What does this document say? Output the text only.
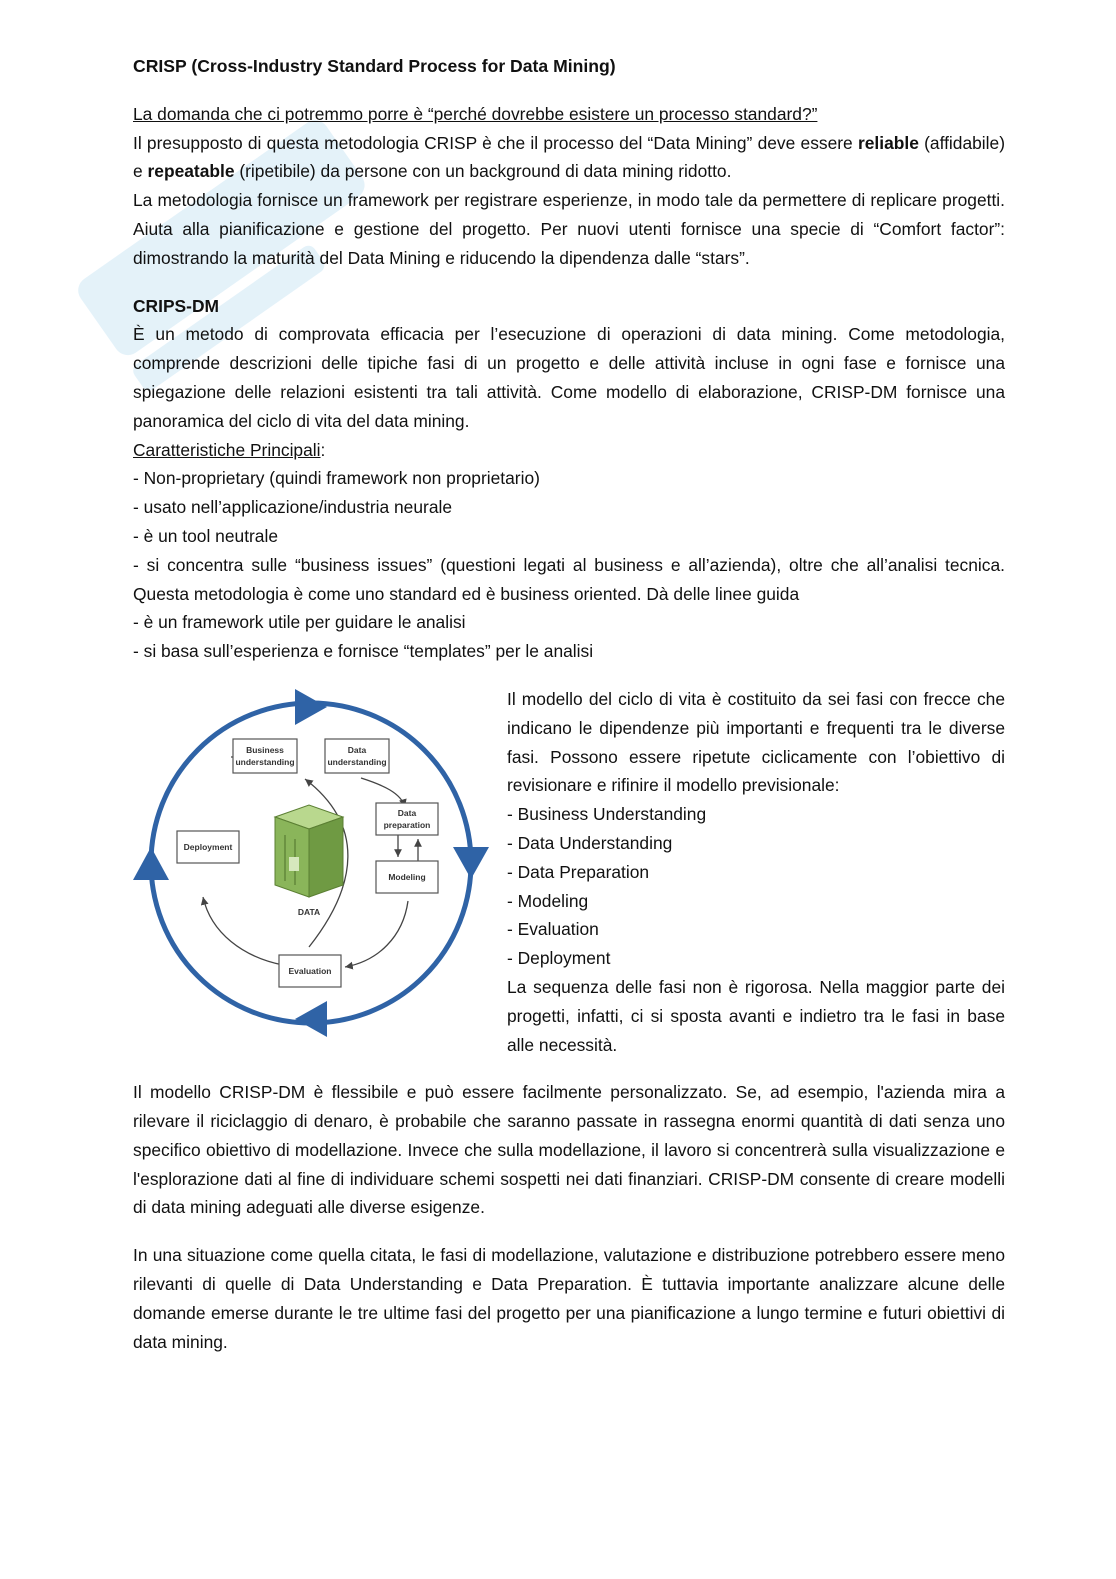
CRISP (Cross-Industry Standard Process for Data Mining)

La domanda che ci potremmo porre è “perché dovrebbe esistere un processo standard?”

Il presupposto di questa metodologia CRISP è che il processo del “Data Mining” deve essere reliable (affidabile) e repeatable (ripetibile) da persone con un background di data mining ridotto.

La metodologia fornisce un framework per registrare esperienze, in modo tale da permettere di replicare progetti. Aiuta alla pianificazione e gestione del progetto. Per nuovi utenti fornisce una specie di “Comfort factor”: dimostrando la maturità del Data Mining e riducendo la dipendenza dalle “stars”.

CRIPS-DM

È un metodo di comprovata efficacia per l’esecuzione di operazioni di data mining. Come metodologia, comprende descrizioni delle tipiche fasi di un progetto e delle attività incluse in ogni fase e fornisce una spiegazione delle relazioni esistenti tra tali attività. Come modello di elaborazione, CRISP-DM fornisce una panoramica del ciclo di vita del data mining.

Caratteristiche Principali:

- Non-proprietary (quindi framework non proprietario)

- usato nell’applicazione/industria neurale

- è un tool neutrale

- si concentra sulle “business issues” (questioni legati al business e all’azienda), oltre che all’analisi tecnica. Questa metodologia è come uno standard ed è business oriented. Dà delle linee guida

- è un framework utile per guidare le analisi

- si basa sull’esperienza e fornisce “templates” per le analisi

Business
understanding
Data
understanding
Data
preparation
Deployment
Modeling
Evaluation
DATA

Il modello del ciclo di vita è costituito da sei fasi con frecce che indicano le dipendenze più importanti e frequenti tra le diverse fasi. Possono essere ripetute ciclicamente con l’obiettivo di revisionare e rifinire il modello previsionale:

- Business Understanding

- Data Understanding

- Data Preparation

- Modeling

- Evaluation

- Deployment

La sequenza delle fasi non è rigorosa. Nella maggior parte dei progetti, infatti, ci si sposta avanti e indietro tra le fasi in base alle necessità.

Il modello CRISP-DM è flessibile e può essere facilmente personalizzato. Se, ad esempio, l'azienda mira a rilevare il riciclaggio di denaro, è probabile che saranno passate in rassegna enormi quantità di dati senza uno specifico obiettivo di modellazione. Invece che sulla modellazione, il lavoro si concentrerà sulla visualizzazione e l'esplorazione dati al fine di individuare schemi sospetti nei dati finanziari. CRISP-DM consente di creare modelli di data mining adeguati alle diverse esigenze.

In una situazione come quella citata, le fasi di modellazione, valutazione e distribuzione potrebbero essere meno rilevanti di quelle di Data Understanding e Data Preparation. È tuttavia importante analizzare alcune delle domande emerse durante le tre ultime fasi del progetto per una pianificazione a lungo termine e futuri obiettivi di data mining.
